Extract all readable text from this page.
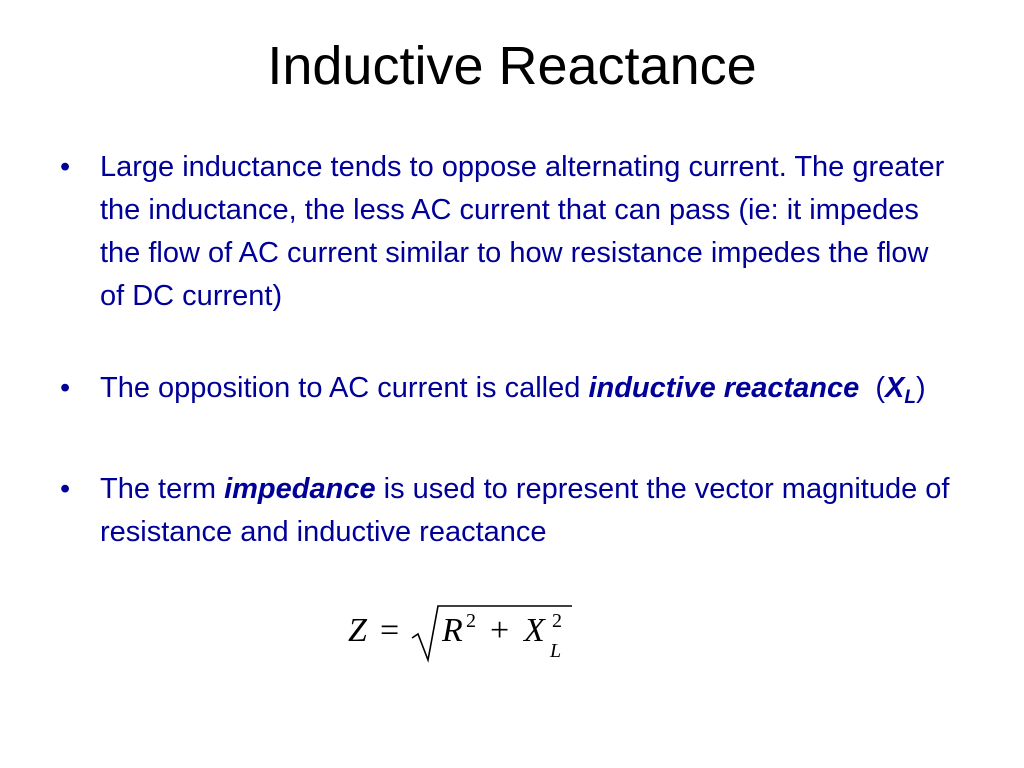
Inductive Reactance
• Large inductance tends to oppose alternating current. The greater the inductance, the less AC current that can pass (ie: it impedes the flow of AC current similar to how resistance impedes the flow of DC current)
• The opposition to AC current is called inductive reactance  $(X_L)$
• The term impedance is used to represent the vector magnitude of resistance and inductive reactance
Z = R 2 + X 2
L
